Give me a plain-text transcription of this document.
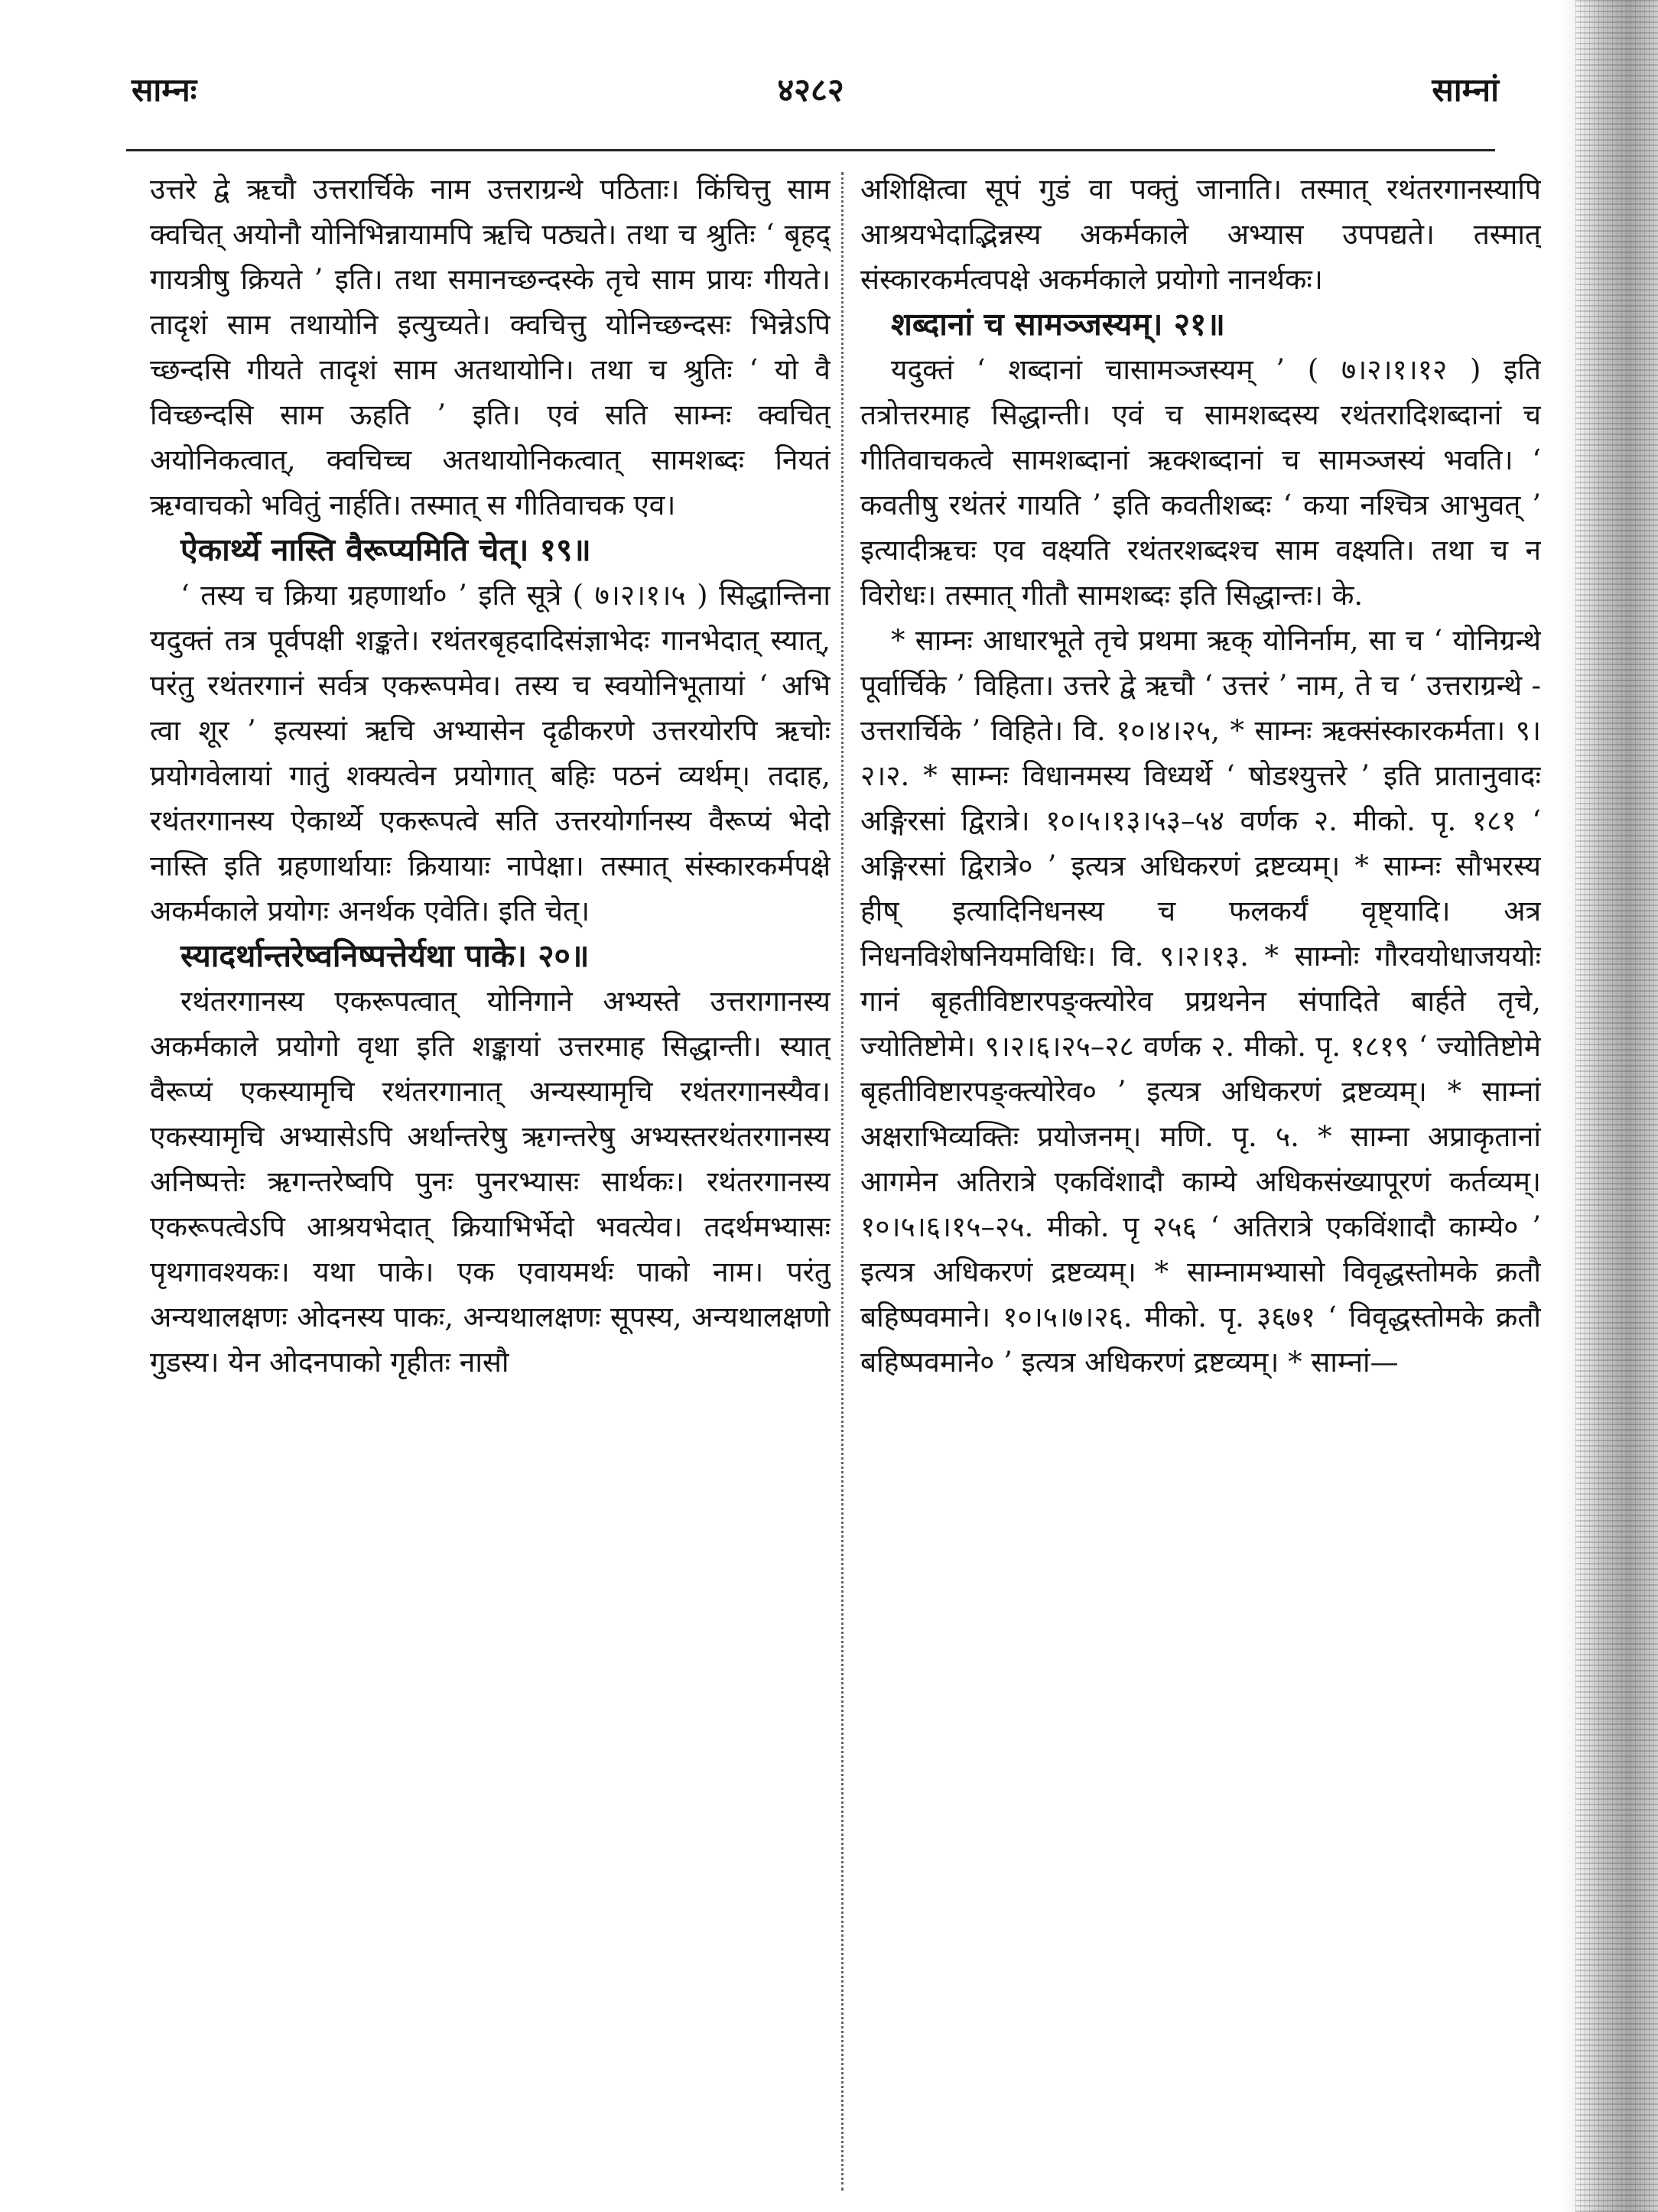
साम्नः	४२८२	साम्नां

उत्तरे द्वे ऋचौ उत्तरार्चिके नाम उत्तराग्रन्थे पठिताः। किंचित्तु साम क्वचित् अयोनौ योनिभिन्नायामपि ऋचि पठ्यते। तथा च श्रुतिः ‘ बृहद् गायत्रीषु क्रियते ’ इति। तथा समानच्छन्दस्के तृचे साम प्रायः गीयते। तादृशं साम तथायोनि इत्युच्यते। क्वचित्तु योनिच्छन्दसः भिन्नेऽपि च्छन्दसि गीयते तादृशं साम अतथायोनि। तथा च श्रुतिः ‘ यो वै विच्छन्दसि साम ऊहति ’ इति। एवं सति साम्नः क्वचित् अयोनिकत्वात्, क्वचिच्च अतथायोनिकत्वात् सामशब्दः नियतं ऋग्वाचको भवितुं नार्हति। तस्मात् स गीतिवाचक एव।

ऐकार्थ्ये नास्ति वैरूप्यमिति चेत्। १९॥

‘ तस्य च क्रिया ग्रहणार्था० ’ इति सूत्रे ( ७।२।१।५ ) सिद्धान्तिना यदुक्तं तत्र पूर्वपक्षी शङ्कते। रथंतरबृहदादिसंज्ञाभेदः गानभेदात् स्यात्, परंतु रथंतरगानं सर्वत्र एकरूपमेव। तस्य च स्वयोनिभूतायां ‘ अभि त्वा शूर ’ इत्यस्यां ऋचि अभ्यासेन दृढीकरणे उत्तरयोरपि ऋचोः प्रयोगवेलायां गातुं शक्यत्वेन प्रयोगात् बहिः पठनं व्यर्थम्। तदाह, रथंतरगानस्य ऐकार्थ्ये एकरूपत्वे सति उत्तरयोर्गानस्य वैरूप्यं भेदो नास्ति इति ग्रहणार्थायाः क्रियायाः नापेक्षा। तस्मात् संस्कारकर्मपक्षे अकर्मकाले प्रयोगः अनर्थक एवेति। इति चेत्।

स्यादर्थान्तरेष्वनिष्पत्तेर्यथा पाके। २०॥

रथंतरगानस्य एकरूपत्वात् योनिगाने अभ्यस्ते उत्तरागानस्य अकर्मकाले प्रयोगो वृथा इति शङ्कायां उत्तरमाह सिद्धान्ती। स्यात् वैरूप्यं एकस्यामृचि रथंतरगानात् अन्यस्यामृचि रथंतरगानस्यैव। एकस्यामृचि अभ्यासेऽपि अर्थान्तरेषु ऋगन्तरेषु अभ्यस्तरथंतरगानस्य अनिष्पत्तेः ऋगन्तरेष्वपि पुनः पुनरभ्यासः सार्थकः। रथंतरगानस्य एकरूपत्वेऽपि आश्रयभेदात् क्रियाभिर्भेदो भवत्येव। तदर्थमभ्यासः पृथगावश्यकः। यथा पाके। एक एवायमर्थः पाको नाम। परंतु अन्यथालक्षणः ओदनस्य पाकः, अन्यथालक्षणः सूपस्य, अन्यथालक्षणो गुडस्य। येन ओदनपाको गृहीतः नासौ

अशिक्षित्वा सूपं गुडं वा पक्तुं जानाति। तस्मात् रथंतरगानस्यापि आश्रयभेदाद्भिन्नस्य अकर्मकाले अभ्यास उपपद्यते। तस्मात् संस्कारकर्मत्वपक्षे अकर्मकाले प्रयोगो नानर्थकः।

शब्दानां च सामञ्जस्यम्। २१॥

यदुक्तं ‘ शब्दानां चासामञ्जस्यम् ’ ( ७।२।१।१२ ) इति तत्रोत्तरमाह सिद्धान्ती। एवं च सामशब्दस्य रथंतरादिशब्दानां च गीतिवाचकत्वे सामशब्दानां ऋक्शब्दानां च सामञ्जस्यं भवति। ‘ कवतीषु रथंतरं गायति ’ इति कवतीशब्दः ‘ कया नश्चित्र आभुवत् ’ इत्यादीऋचः एव वक्ष्यति रथंतरशब्दश्च साम वक्ष्यति। तथा च न विरोधः। तस्मात् गीतौ सामशब्दः इति सिद्धान्तः। के.

* साम्नः आधारभूते तृचे प्रथमा ऋक् योनिर्नाम, सा च ‘ योनिग्रन्थे पूर्वार्चिके ’ विहिता। उत्तरे द्वे ऋचौ ‘ उत्तरं ’ नाम, ते च ‘ उत्तराग्रन्थे - उत्तरार्चिके ’ विहिते। वि. १०।४।२५, * साम्नः ऋक्संस्कारकर्मता। ९।२।२. * साम्नः विधानमस्य विध्यर्थे ‘ षोडश्युत्तरे ’ इति प्रातानुवादः अङ्गिरसां द्विरात्रे। १०।५।१३।५३–५४ वर्णक २. मीको. पृ. १८१ ‘ अङ्गिरसां द्विरात्रे० ’ इत्यत्र अधिकरणं द्रष्टव्यम्। * साम्नः सौभरस्य हीष् इत्यादिनिधनस्य च फलकर्यं वृष्ट्यादि। अत्र निधनविशेषनियमविधिः। वि. ९।२।१३. * साम्नोः गौरवयोधाजययोः गानं बृहतीविष्टारपङ्क्त्योरेव प्रग्रथनेन संपादिते बार्हते तृचे, ज्योतिष्टोमे। ९।२।६।२५–२८ वर्णक २. मीको. पृ. १८१९ ‘ ज्योतिष्टोमे बृहतीविष्टारपङ्क्त्योरेव० ’ इत्यत्र अधिकरणं द्रष्टव्यम्। * साम्नां अक्षराभिव्यक्तिः प्रयोजनम्। मणि. पृ. ५. * साम्ना अप्राकृतानां आगमेन अतिरात्रे एकविंशादौ काम्ये अधिकसंख्यापूरणं कर्तव्यम्। १०।५।६।१५–२५. मीको. पृ २५६ ‘ अतिरात्रे एकविंशादौ काम्ये० ’ इत्यत्र अधिकरणं द्रष्टव्यम्। * साम्नामभ्यासो विवृद्धस्तोमके क्रतौ बहिष्पवमाने। १०।५।७।२६. मीको. पृ. ३६७१ ‘ विवृद्धस्तोमके क्रतौ बहिष्पवमाने० ’ इत्यत्र अधिकरणं द्रष्टव्यम्। * साम्नां—
